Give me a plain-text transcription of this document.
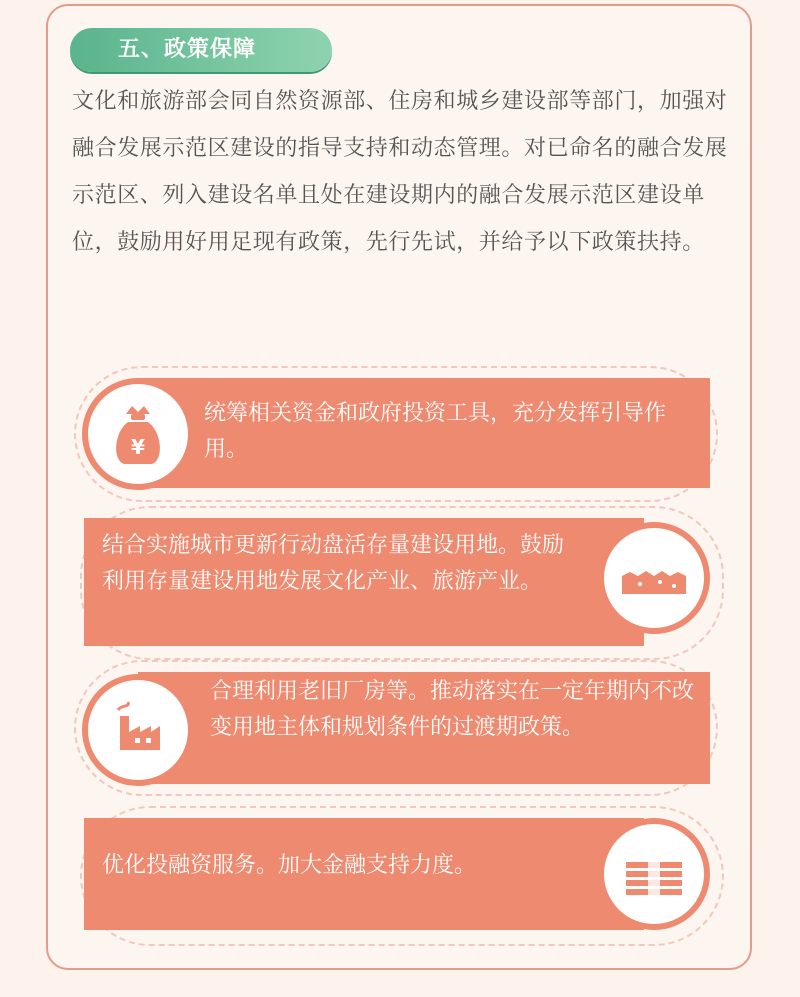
五、政策保障

文化和旅游部会同自然资源部、住房和城乡建设部等部门，加强对融合发展示范区建设的指导支持和动态管理。对已命名的融合发展示范区、列入建设名单且处在建设期内的融合发展示范区建设单位，鼓励用好用足现有政策，先行先试，并给予以下政策扶持。

统筹相关资金和政府投资工具，充分发挥引导作用。

¥

结合实施城市更新行动盘活存量建设用地。鼓励利用存量建设用地发展文化产业、旅游产业。

合理利用老旧厂房等。推动落实在一定年期内不改变用地主体和规划条件的过渡期政策。

优化投融资服务。加大金融支持力度。
